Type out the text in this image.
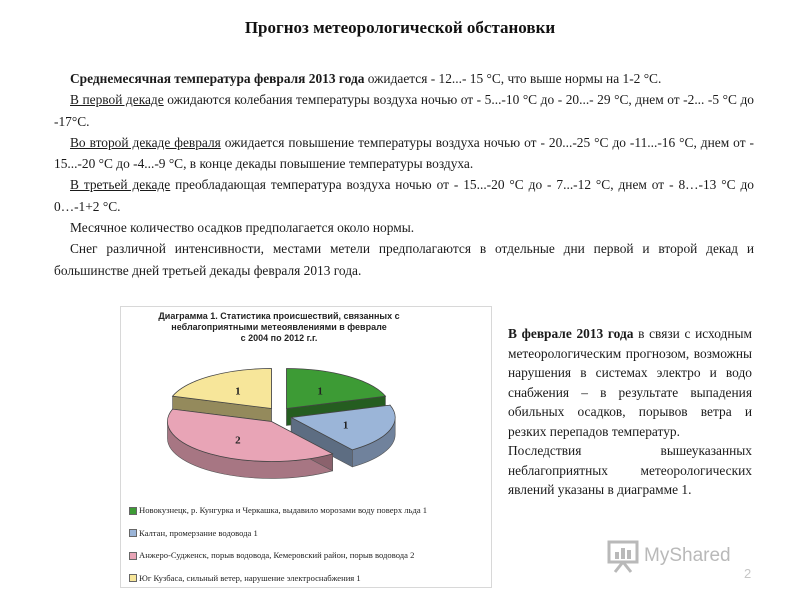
Прогноз метеорологической обстановки

Среднемесячная температура февраля 2013 года ожидается - 12...- 15 °С, что выше нормы на 1-2 °С.

В первой декаде ожидаются колебания температуры воздуха ночью от - 5...-10 °С до - 20...- 29 °С, днем от -2... -5 °С до -17°С.

Во второй декаде февраля ожидается повышение температуры воздуха ночью от - 20...-25 °С до -11...-16 °С, днем от - 15...-20 °С до -4...-9 °С, в конце декады повышение температуры воздуха.

В третьей декаде преобладающая температура воздуха ночью от - 15...-20 °С до - 7...-12 °С, днем от - 8…-13 °С до 0…-1+2 °С.

Месячное количество осадков предполагается около нормы.

Снег различной интенсивности, местами метели предполагаются в отдельные дни первой и второй декад и большинстве дней третьей декады февраля 2013 года.

Диаграмма 1. Статистика происшествий, связанных с
неблагоприятными метеоявлениями в феврале
с 2004 по 2012 г.г.
1
1
2
1
Новокузнецк, р. Кунгурка и Черкашка, выдавило морозами воду поверх льда 1
Калтан, промерзание водовода 1
Анжеро-Судженск, порыв водовода, Кемеровский район, порыв водовода 2
Юг Кузбаса, сильный ветер, нарушение электроснабжения 1

В феврале 2013 года в связи с исходным метеорологическим прогнозом, возможны нарушения в системах электро и водо снабжения – в результате выпадения обильных осадков, порывов ветра и резких перепадов температур.

Последствия вышеуказанных неблагоприятных метеорологических явлений указаны в диаграмме 1.

MyShared
2
